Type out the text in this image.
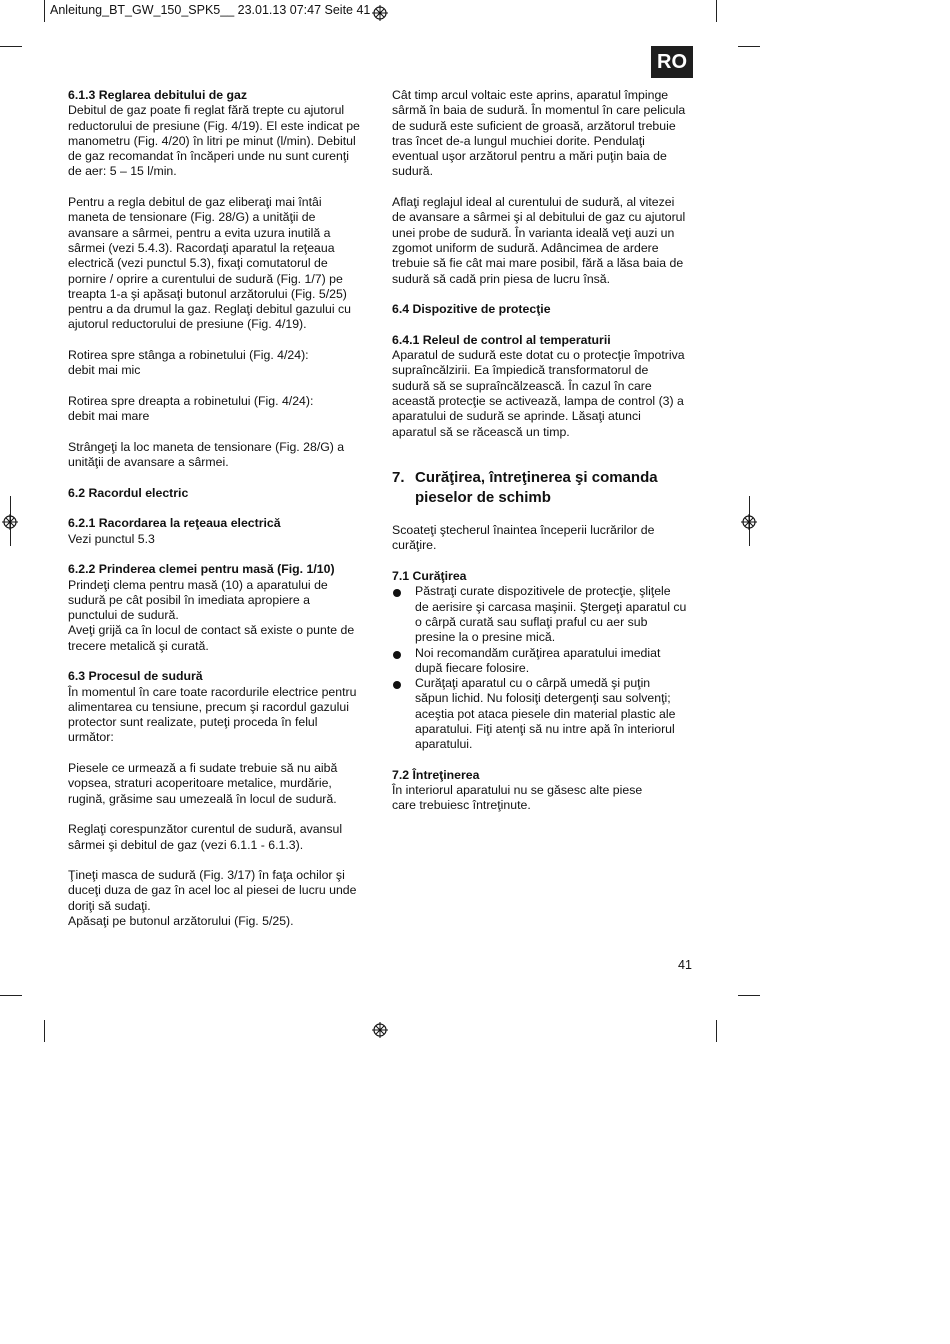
Anleitung_BT_GW_150_SPK5__ 23.01.13 07:47 Seite 41
RO

6.1.3 Reglarea debitului de gaz

Debitul de gaz poate fi reglat fără trepte cu ajutorul

reductorului de presiune (Fig. 4/19). El este indicat pe

manometru (Fig. 4/20) în litri pe minut (l/min). Debitul

de gaz recomandat în încăperi unde nu sunt curenţi

de aer: 5 – 15 l/min.

Pentru a regla debitul de gaz eliberaţi mai întâi

maneta de tensionare (Fig. 28/G) a unităţii de

avansare a sârmei, pentru a evita uzura inutilă a

sârmei (vezi 5.4.3). Racordaţi aparatul la reţeaua

electrică (vezi punctul 5.3), fixaţi comutatorul de

pornire / oprire a curentului de sudură (Fig. 1/7) pe

treapta 1-a şi apăsaţi butonul arzătorului (Fig. 5/25)

pentru a da drumul la gaz. Reglaţi debitul gazului cu

ajutorul reductorului de presiune (Fig. 4/19).

Rotirea spre stânga a robinetului (Fig. 4/24):

debit mai mic

Rotirea spre dreapta a robinetului (Fig. 4/24):

debit mai mare

Strângeţi la loc maneta de tensionare (Fig. 28/G) a

unităţii de avansare a sârmei.

6.2 Racordul electric

6.2.1 Racordarea la reţeaua electrică

Vezi punctul 5.3

6.2.2 Prinderea clemei pentru masă (Fig. 1/10)

Prindeţi clema pentru masă (10) a aparatului de

sudură pe cât posibil în imediata apropiere a

punctului de sudură.

Aveţi grijă ca în locul de contact să existe o punte de

trecere metalică şi curată.

6.3 Procesul de sudură

În momentul în care toate racordurile electrice pentru

alimentarea cu tensiune, precum şi racordul gazului

protector sunt realizate, puteţi proceda în felul

următor:

Piesele ce urmează a fi sudate trebuie să nu aibă

vopsea, straturi acoperitoare metalice, murdărie,

rugină, grăsime sau umezeală în locul de sudură.

Reglaţi corespunzător curentul de sudură, avansul

sârmei şi debitul de gaz (vezi 6.1.1 - 6.1.3).

Ţineţi masca de sudură (Fig. 3/17) în faţa ochilor şi

duceţi duza de gaz în acel loc al piesei de lucru unde

doriţi să sudaţi.

Apăsaţi pe butonul arzătorului (Fig. 5/25).

Cât timp arcul voltaic este aprins, aparatul împinge

sârmă în baia de sudură. În momentul în care pelicula

de sudură este suficient de groasă, arzătorul trebuie

tras încet de-a lungul muchiei dorite. Pendulaţi

eventual uşor arzătorul pentru a mări puţin baia de

sudură.

Aflaţi reglajul ideal al curentului de sudură, al vitezei

de avansare a sârmei şi al debitului de gaz cu ajutorul

unei probe de sudură. În varianta ideală veţi auzi un

zgomot uniform de sudură. Adâncimea de ardere

trebuie să fie cât mai mare posibil, fără a lăsa baia de

sudură să cadă prin piesa de lucru însă.

6.4 Dispozitive de protecţie

6.4.1 Releul de control al temperaturii

Aparatul de sudură este dotat cu o protecţie împotriva

supraîncălzirii. Ea împiedică transformatorul de

sudură să se supraîncălzească. În cazul în care

această protecţie se activează, lampa de control (3) a

aparatului de sudură se aprinde. Lăsaţi atunci

aparatul să se răcească un timp.

7. Curăţirea, întreţinerea şi comanda
pieselor de schimb

Scoateţi ştecherul înaintea începerii lucrărilor de

curăţire.

7.1 Curăţirea

Păstraţi curate dispozitivele de protecţie, şliţele
de aerisire şi carcasa maşinii. Ştergeţi aparatul cu
o cârpă curată sau suflaţi praful cu aer sub
presine la o presine mică.
Noi recomandăm curăţirea aparatului imediat
după fiecare folosire.
Curăţaţi aparatul cu o cârpă umedă şi puţin
săpun lichid. Nu folosiţi detergenţi sau solvenţi;
aceştia pot ataca piesele din material plastic ale
aparatului. Fiţi atenţi să nu intre apă în interiorul
aparatului.

7.2 Întreţinerea

În interiorul aparatului nu se găsesc alte piese

care trebuiesc întreţinute.

41
